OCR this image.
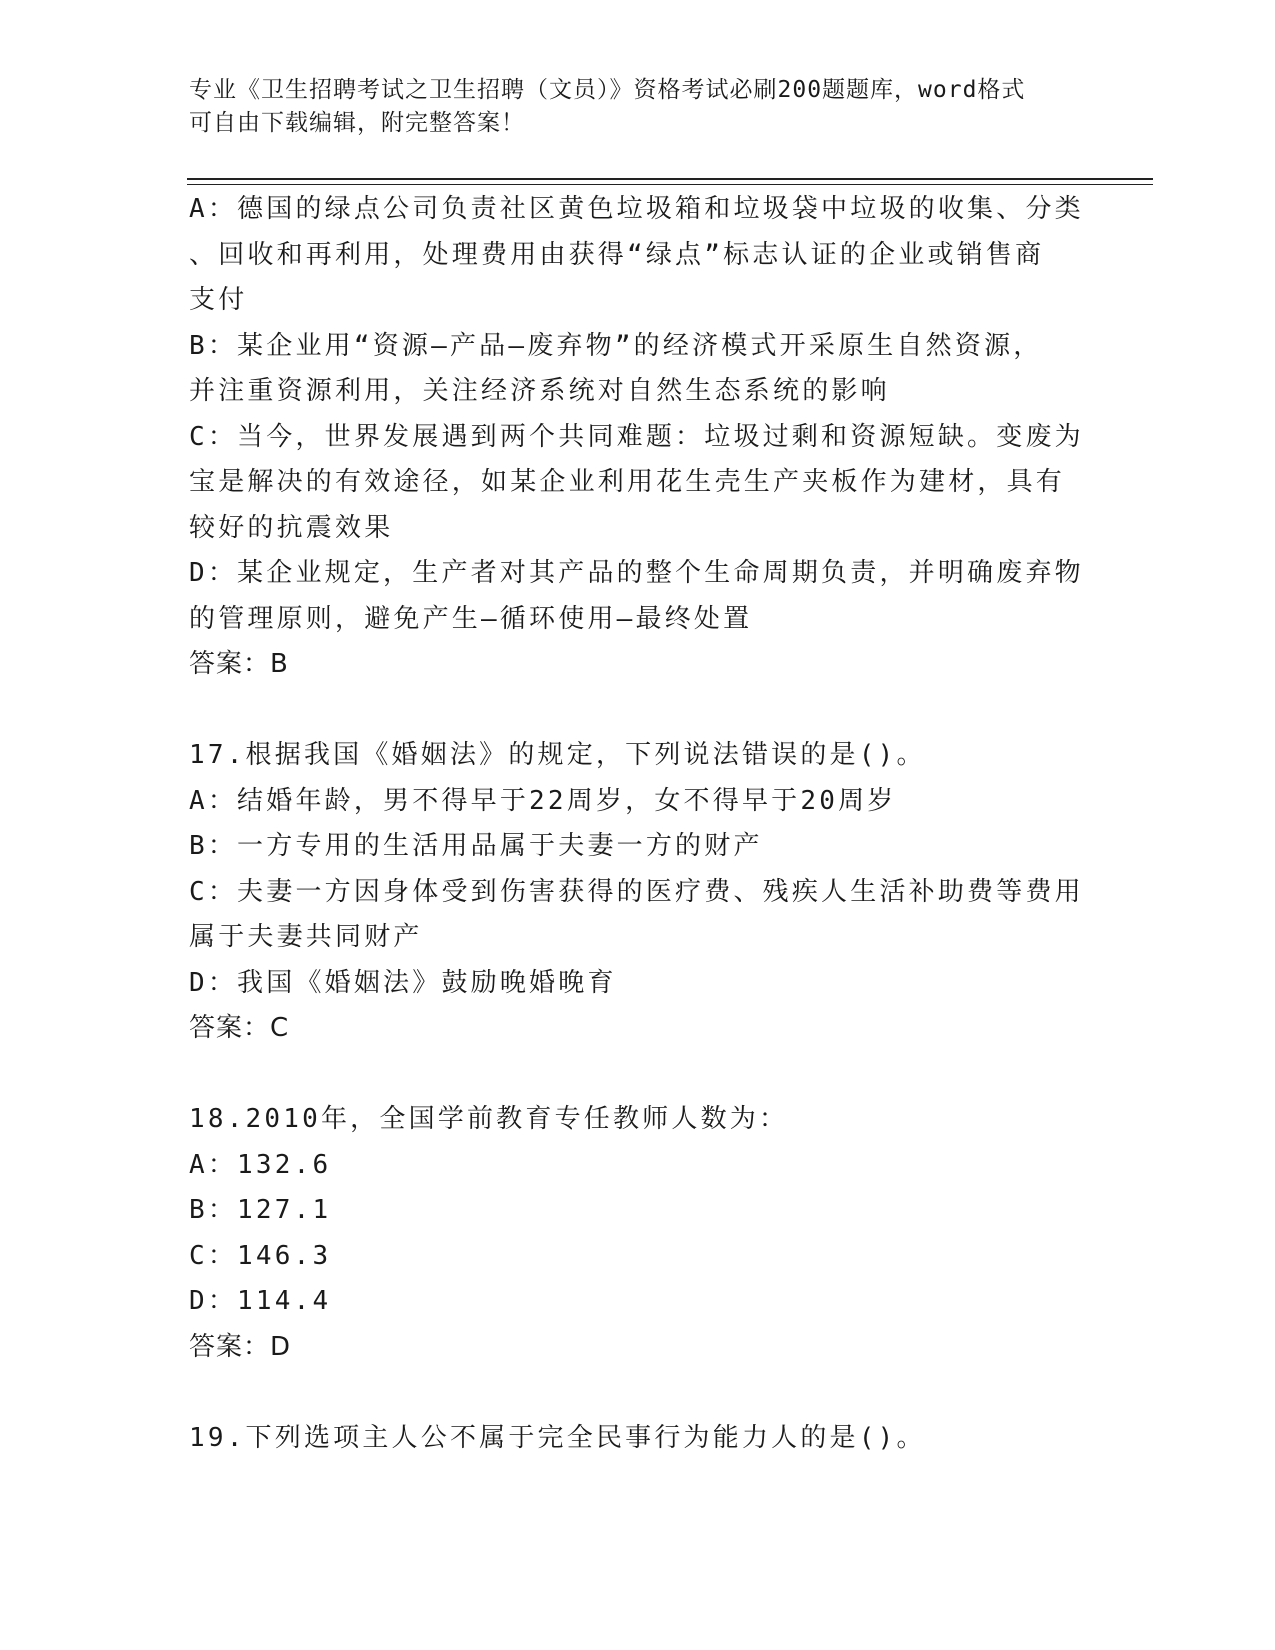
专业《卫生招聘考试之卫生招聘（文员）》资格考试必刷200题题库，word格式
可自由下载编辑，附完整答案！
A：德国的绿点公司负责社区黄色垃圾箱和垃圾袋中垃圾的收集、分类
、回收和再利用，处理费用由获得“绿点”标志认证的企业或销售商
支付
B：某企业用“资源—产品—废弃物”的经济模式开采原生自然资源，
并注重资源利用，关注经济系统对自然生态系统的影响
C：当今，世界发展遇到两个共同难题：垃圾过剩和资源短缺。变废为
宝是解决的有效途径，如某企业利用花生壳生产夹板作为建材，具有
较好的抗震效果
D：某企业规定，生产者对其产品的整个生命周期负责，并明确废弃物
的管理原则，避免产生—循环使用—最终处置
答案：B
17.根据我国《婚姻法》的规定，下列说法错误的是()。
A：结婚年龄，男不得早于22周岁，女不得早于20周岁
B：一方专用的生活用品属于夫妻一方的财产
C：夫妻一方因身体受到伤害获得的医疗费、残疾人生活补助费等费用
属于夫妻共同财产
D：我国《婚姻法》鼓励晚婚晚育
答案：C
18.2010年，全国学前教育专任教师人数为：
A：132.6
B：127.1
C：146.3
D：114.4
答案：D
19.下列选项主人公不属于完全民事行为能力人的是()。
